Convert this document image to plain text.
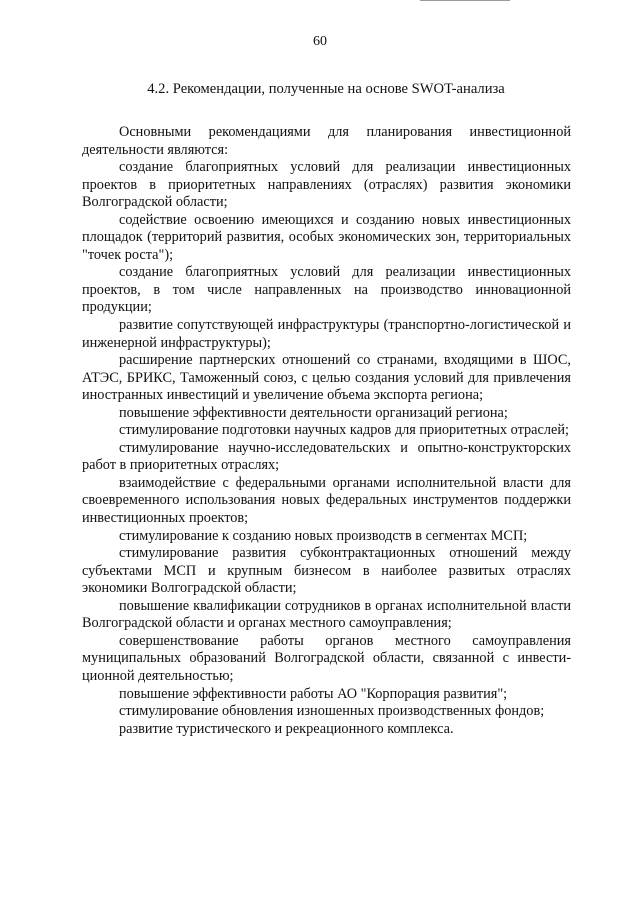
60
4.2. Рекомендации, полученные на основе SWOT-анализа

Основными рекомендациями для планирования инвестиционной деятельности являются:

создание благоприятных условий для реализации инвестиционных проектов в приоритетных направлениях (отраслях) развития экономики Волгоградской области;

содействие освоению имеющихся и созданию новых инвестиционных площадок (территорий развития, особых экономических зон, территориальных "точек роста");

создание благоприятных условий для реализации инвестиционных проектов, в том числе направленных на производство инновационной продукции;

развитие сопутствующей инфраструктуры (транспортно-логистической и инженерной инфраструктуры);

расширение партнерских отношений со странами, входящими в ШОС, АТЭС, БРИКС, Таможенный союз, с целью создания условий для привлечения иностранных инвестиций и увеличение объема экспорта региона;

повышение эффективности деятельности организаций региона;

стимулирование подготовки научных кадров для приоритетных отраслей;

стимулирование научно-исследовательских и опытно-конструкторских работ в приоритетных отраслях;

взаимодействие с федеральными органами исполнительной власти для своевременного использования новых федеральных инструментов поддержки инвестиционных проектов;

стимулирование к созданию новых производств в сегментах МСП;

стимулирование развития субконтрактационных отношений между субъектами МСП и крупным бизнесом в наиболее развитых отраслях экономики Волгоградской области;

повышение квалификации сотрудников в органах исполнительной власти Волгоградской области и органах местного самоуправления;

совершенствование работы органов местного самоуправления муниципальных образований Волгоградской области, связанной с инвестиционной деятельностью;

повышение эффективности работы АО "Корпорация развития";

стимулирование обновления изношенных производственных фондов;

развитие туристического и рекреационного комплекса.
